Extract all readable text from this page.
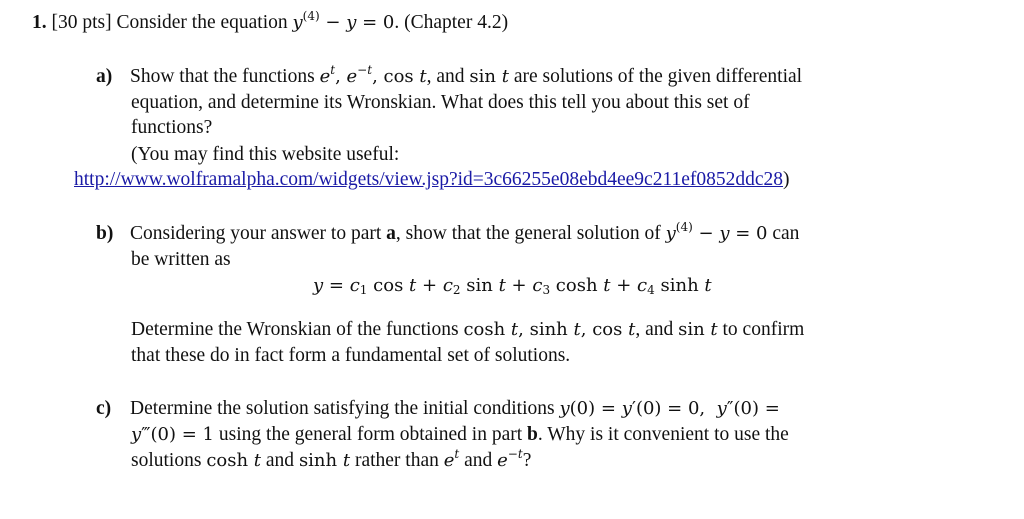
1. [30 pts] Consider the equation $y^{(4)} - y = 0$. (Chapter 4.2)
a) Show that the functions $e^t$, $e^{-t}$, cos t, and sin t are solutions of the given differential
equation, and determine its Wronskian. What does this tell you about this set of
functions?
(You may find this website useful:
http://www.wolframalpha.com/widgets/view.jsp?id=3c66255e08ebd4ee9c211ef0852ddc28)
b) Considering your answer to part a, show that the general solution of $y^{(4)} - y = 0$ can
be written as
$y = c_1$ $\cos t + c_2$ $\sin t + c_3$ $\cosh t + c_4$ sinh t
Determine the Wronskian of the functions cosh t, sinh t, cos t, and sin t to confirm
that these do in fact form a fundamental set of solutions.
c) Determine the solution satisfying the initial conditions y(0) = y′(0) = 0,  y″(0) =
y‴(0) = 1 using the general form obtained in part b. Why is it convenient to use the
solutions cosh t and sinh t rather than $e^t$ and $e^{-t}$?
